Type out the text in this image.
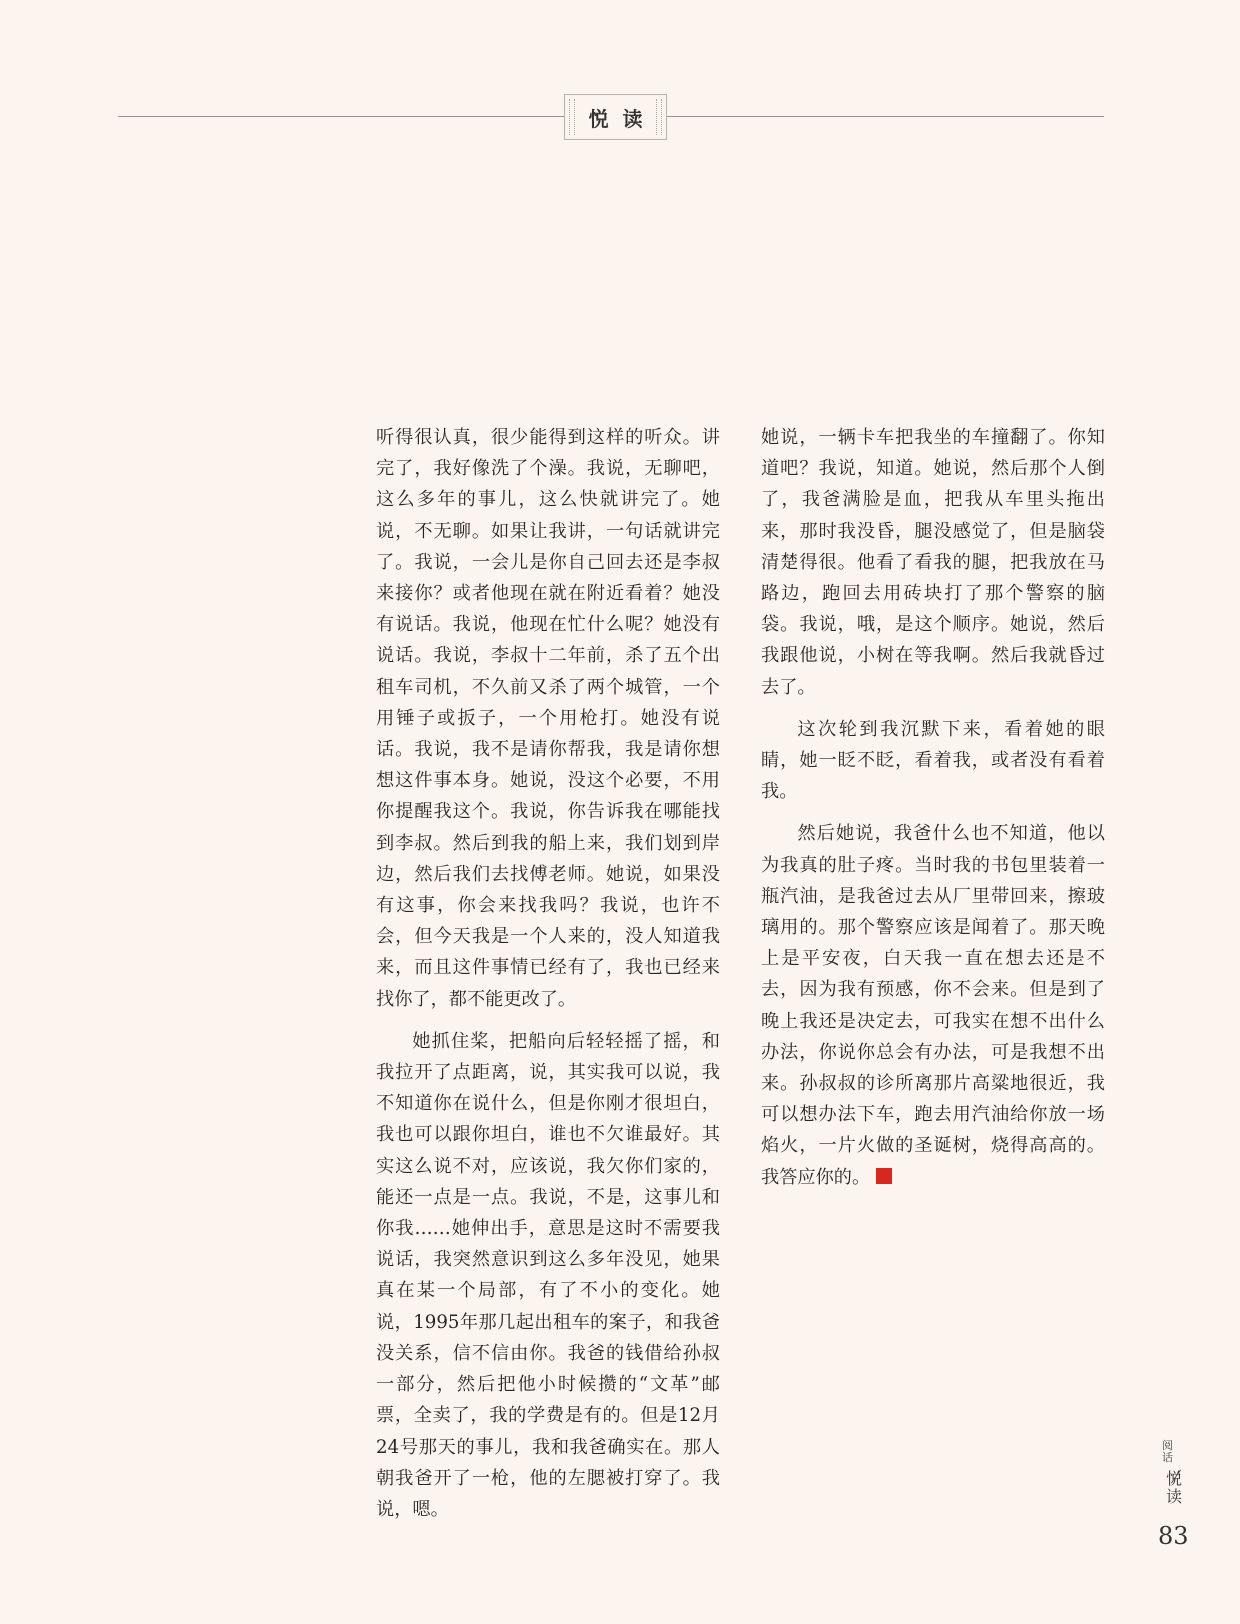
悦读

听得很认真，很少能得到这样的听众。讲完了，我好像洗了个澡。我说，无聊吧，这么多年的事儿，这么快就讲完了。她说，不无聊。如果让我讲，一句话就讲完了。我说，一会儿是你自己回去还是李叔来接你？或者他现在就在附近看着？她没有说话。我说，他现在忙什么呢？她没有说话。我说，李叔十二年前，杀了五个出租车司机，不久前又杀了两个城管，一个用锤子或扳子，一个用枪打。她没有说话。我说，我不是请你帮我，我是请你想想这件事本身。她说，没这个必要，不用你提醒我这个。我说，你告诉我在哪能找到李叔。然后到我的船上来，我们划到岸边，然后我们去找傅老师。她说，如果没有这事，你会来找我吗？我说，也许不会，但今天我是一个人来的，没人知道我来，而且这件事情已经有了，我也已经来找你了，都不能更改了。

她抓住桨，把船向后轻轻摇了摇，和我拉开了点距离，说，其实我可以说，我不知道你在说什么，但是你刚才很坦白，我也可以跟你坦白，谁也不欠谁最好。其实这么说不对，应该说，我欠你们家的，能还一点是一点。我说，不是，这事儿和你我……她伸出手，意思是这时不需要我说话，我突然意识到这么多年没见，她果真在某一个局部，有了不小的变化。她说，1995年那几起出租车的案子，和我爸没关系，信不信由你。我爸的钱借给孙叔一部分，然后把他小时候攒的“文革”邮票，全卖了，我的学费是有的。但是12月24号那天的事儿，我和我爸确实在。那人朝我爸开了一枪，他的左腮被打穿了。我说，嗯。

她说，一辆卡车把我坐的车撞翻了。你知道吧？我说，知道。她说，然后那个人倒了，我爸满脸是血，把我从车里头拖出来，那时我没昏，腿没感觉了，但是脑袋清楚得很。他看了看我的腿，把我放在马路边，跑回去用砖块打了那个警察的脑袋。我说，哦，是这个顺序。她说，然后我跟他说，小树在等我啊。然后我就昏过去了。

这次轮到我沉默下来，看着她的眼睛，她一眨不眨，看着我，或者没有看着我。

然后她说，我爸什么也不知道，他以为我真的肚子疼。当时我的书包里装着一瓶汽油，是我爸过去从厂里带回来，擦玻璃用的。那个警察应该是闻着了。那天晚上是平安夜，白天我一直在想去还是不去，因为我有预感，你不会来。但是到了晚上我还是决定去，可我实在想不出什么办法，你说你总会有办法，可是我想不出来。孙叔叔的诊所离那片高粱地很近，我可以想办法下车，跑去用汽油给你放一场焰火，一片火做的圣诞树，烧得高高的。我答应你的。

阅话
悦读
83
